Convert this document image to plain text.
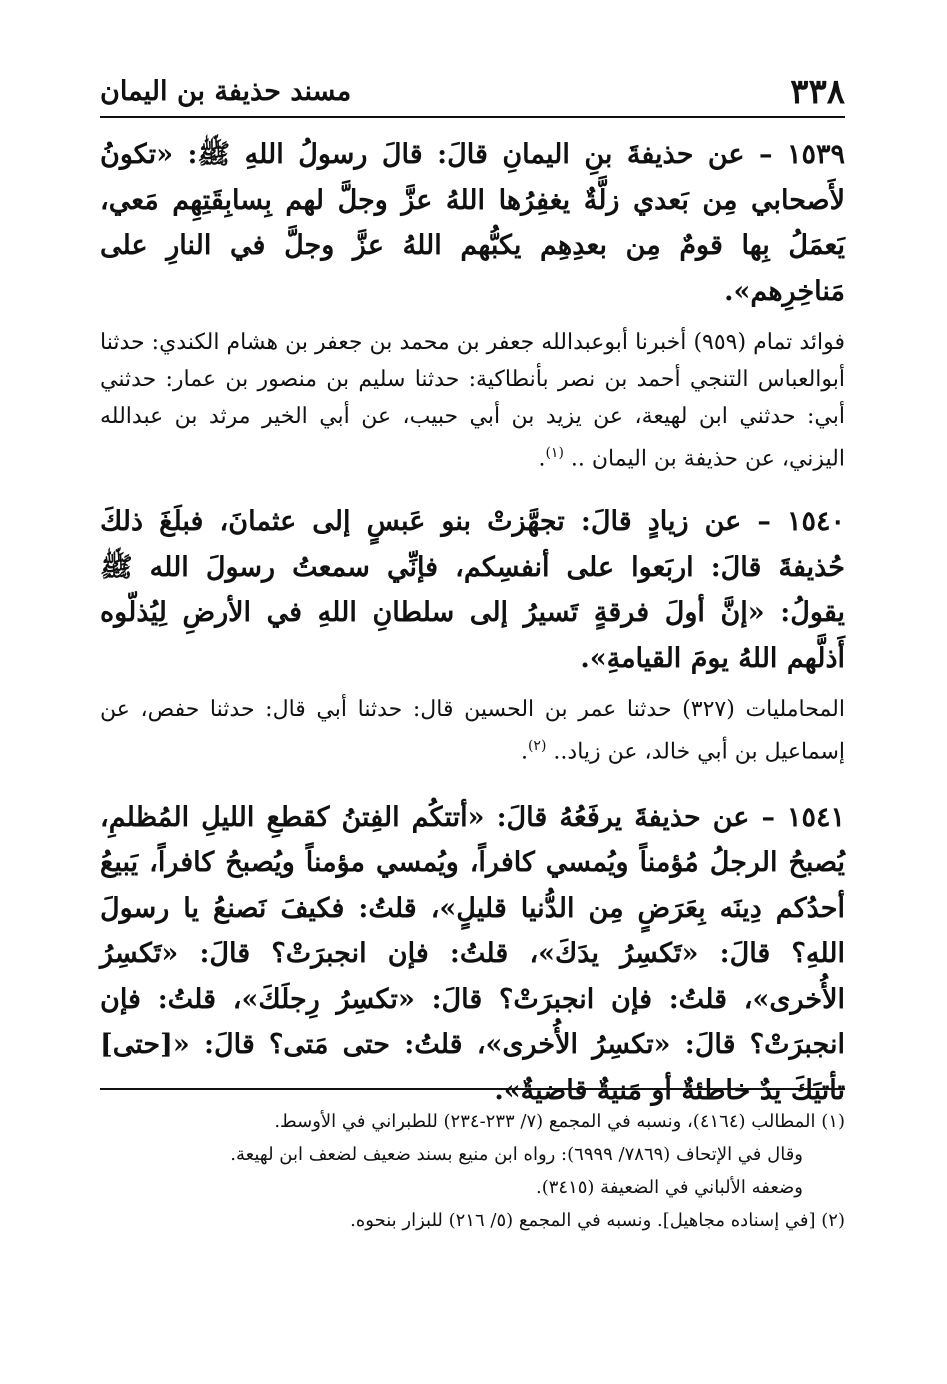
٣٣٨
مسند حذيفة بن اليمان
١٥٣٩ – عن حذيفةَ بنِ اليمانِ قالَ: قالَ رسولُ اللهِ ﷺ: «تكونُ لأَصحابي مِن بَعدي زلَّةٌ يغفِرُها اللهُ عزَّ وجلَّ لهم بِسابِقَتِهِم مَعي، يَعمَلُ بِها قومٌ مِن بعدِهِم يكبُّهم اللهُ عزَّ وجلَّ في النارِ على مَناخِرِهم».
فوائد تمام (٩٥٩) أخبرنا أبوعبدالله جعفر بن محمد بن جعفر بن هشام الكندي: حدثنا أبوالعباس التنجي أحمد بن نصر بأنطاكية: حدثنا سليم بن منصور بن عمار: حدثني أبي: حدثني ابن لهيعة، عن يزيد بن أبي حبيب، عن أبي الخير مرثد بن عبدالله اليزني، عن حذيفة بن اليمان .. $^{(١)}$.
١٥٤٠ – عن زيادٍ قالَ: تجهَّزتْ بنو عَبسٍ إلى عثمانَ، فبلَغَ ذلكَ حُذيفةَ قالَ: اربَعوا على أنفسِكم، فإنِّي سمعتُ رسولَ الله ﷺ يقولُ: «إنَّ أولَ فرقةٍ تَسيرُ إلى سلطانِ اللهِ في الأرضِ لِيُذلّوه أَذلَّهم اللهُ يومَ القيامةِ».
المحامليات (٣٢٧) حدثنا عمر بن الحسين قال: حدثنا أبي قال: حدثنا حفص، عن إسماعيل بن أبي خالد، عن زياد.. $^{(٢)}$.
١٥٤١ – عن حذيفةَ يرفَعُهُ قالَ: «أتتكُم الفِتنُ كقطعِ الليلِ المُظلمِ، يُصبحُ الرجلُ مُؤمناً ويُمسي كافراً، ويُمسي مؤمناً ويُصبحُ كافراً، يَبيعُ أحدُكم دِينَه بِعَرَضٍ مِن الدُّنيا قليلٍ»، قلتُ: فكيفَ نَصنعُ يا رسولَ اللهِ؟ قالَ: «تَكسِرُ يدَكَ»، قلتُ: فإن انجبرَتْ؟ قالَ: «تَكسِرُ الأُخرى»، قلتُ: فإن انجبرَتْ؟ قالَ: «تكسِرُ رِجلَكَ»، قلتُ: فإن انجبرَتْ؟ قالَ: «تكسِرُ الأُخرى»، قلتُ: حتى مَتى؟ قالَ: «[حتى] تأتيَكَ يدٌ خاطئةٌ أو مَنيةٌ قاضيةٌ».

(١) المطالب (٤١٦٤)، ونسبه في المجمع (٧/ ٢٣٣-٢٣٤) للطبراني في الأوسط.

وقال في الإتحاف (٧٨٦٩/ ٦٩٩٩): رواه ابن منيع بسند ضعيف لضعف ابن لهيعة.

وضعفه الألباني في الضعيفة (٣٤١٥).

(٢) [في إسناده مجاهيل]. ونسبه في المجمع (٥/ ٢١٦) للبزار بنحوه.
